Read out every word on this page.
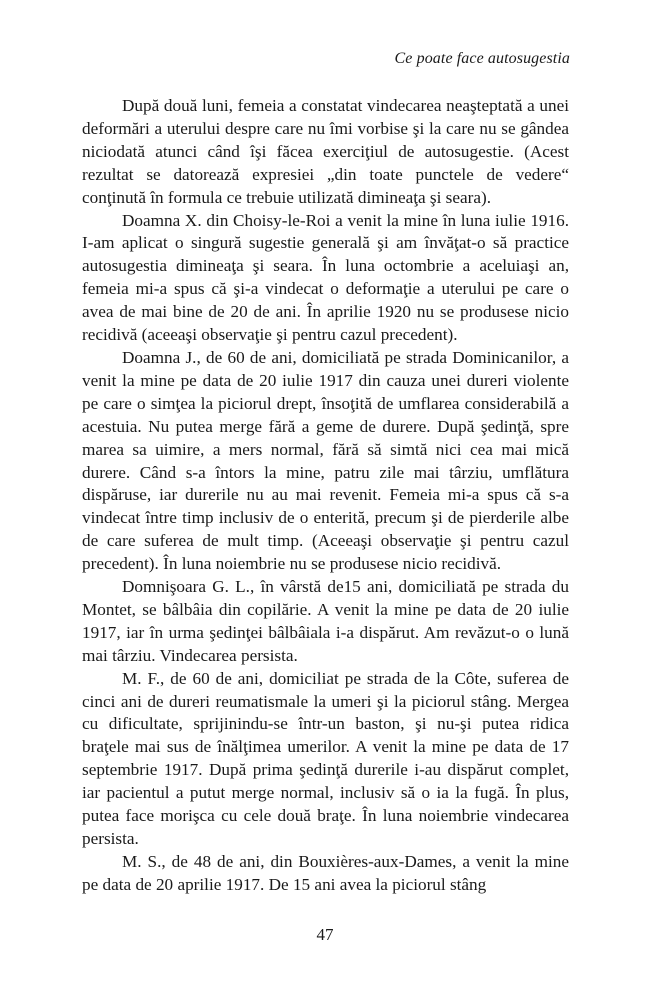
Ce poate face autosugestia

După două luni, femeia a constatat vindecarea neaşteptată a unei deformări a uterului despre care nu îmi vorbise şi la care nu se gândea niciodată atunci când îşi făcea exerciţiul de autosugestie. (Acest rezultat se datorează expresiei „din toate punctele de vedere“ conţinută în formula ce trebuie utilizată dimineaţa şi seara).

Doamna X. din Choisy-le-Roi a venit la mine în luna iulie 1916. I-am aplicat o singură sugestie generală şi am învăţat-o să practice autosugestia dimineaţa şi seara. În luna octombrie a aceluiaşi an, femeia mi-a spus că şi-a vindecat o deformaţie a uterului pe care o avea de mai bine de 20 de ani. În aprilie 1920 nu se produsese nicio recidivă (aceeaşi observaţie şi pentru cazul precedent).

Doamna J., de 60 de ani, domiciliată pe strada Dominicanilor, a venit la mine pe data de 20 iulie 1917 din cauza unei dureri violente pe care o simţea la piciorul drept, însoţită de umflarea considerabilă a acestuia. Nu putea merge fără a geme de durere. După şedinţă, spre marea sa uimire, a mers normal, fără să simtă nici cea mai mică durere. Când s-a întors la mine, patru zile mai târziu, umflătura dispăruse, iar durerile nu au mai revenit. Femeia mi-a spus că s-a vindecat între timp inclusiv de o enterită, precum şi de pierderile albe de care suferea de mult timp. (Aceeaşi observaţie şi pentru cazul precedent). În luna noiembrie nu se produsese nicio recidivă.

Domnişoara G. L., în vârstă de15 ani, domiciliată pe strada du Montet, se bâlbâia din copilărie. A venit la mine pe data de 20 iulie 1917, iar în urma şedinţei bâlbâiala i-a dispărut. Am revăzut-o o lună mai târziu. Vindecarea persista.

M. F., de 60 de ani, domiciliat pe strada de la Côte, suferea de cinci ani de dureri reumatismale la umeri şi la piciorul stâng. Mergea cu dificultate, sprijinindu-se într-un baston, şi nu-şi putea ridica braţele mai sus de înălţimea umerilor. A venit la mine pe data de 17 septembrie 1917. După prima şedinţă durerile i-au dispărut complet, iar pacientul a putut merge normal, inclusiv să o ia la fugă. În plus, putea face morişca cu cele două braţe. În luna noiembrie vindecarea persista.

M. S., de 48 de ani, din Bouxières-aux-Dames, a venit la mine pe data de 20 aprilie 1917. De 15 ani avea la piciorul stâng

47
